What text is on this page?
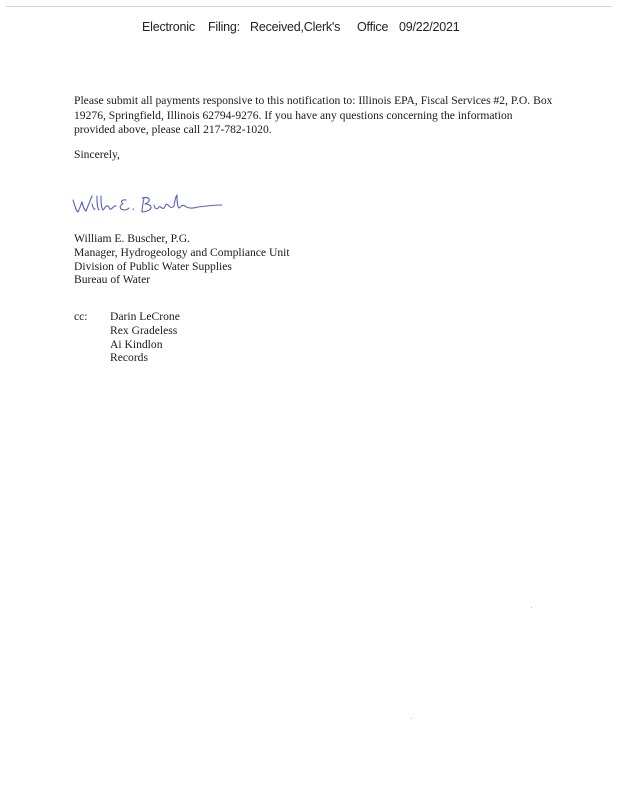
Electronic Filing: Received,Clerk's Office 09/22/2021

Please submit all payments responsive to this notification to: Illinois EPA, Fiscal Services #2, P.O. Box 19276, Springfield, Illinois 62794-9276. If you have any questions concerning the information provided above, please call 217-782-1020.

Sincerely,

William E. Buscher, P.G.
Manager, Hydrogeology and Compliance Unit
Division of Public Water Supplies
Bureau of Water
cc: Darin LeCrone
Rex Gradeless
Ai Kindlon
Records
